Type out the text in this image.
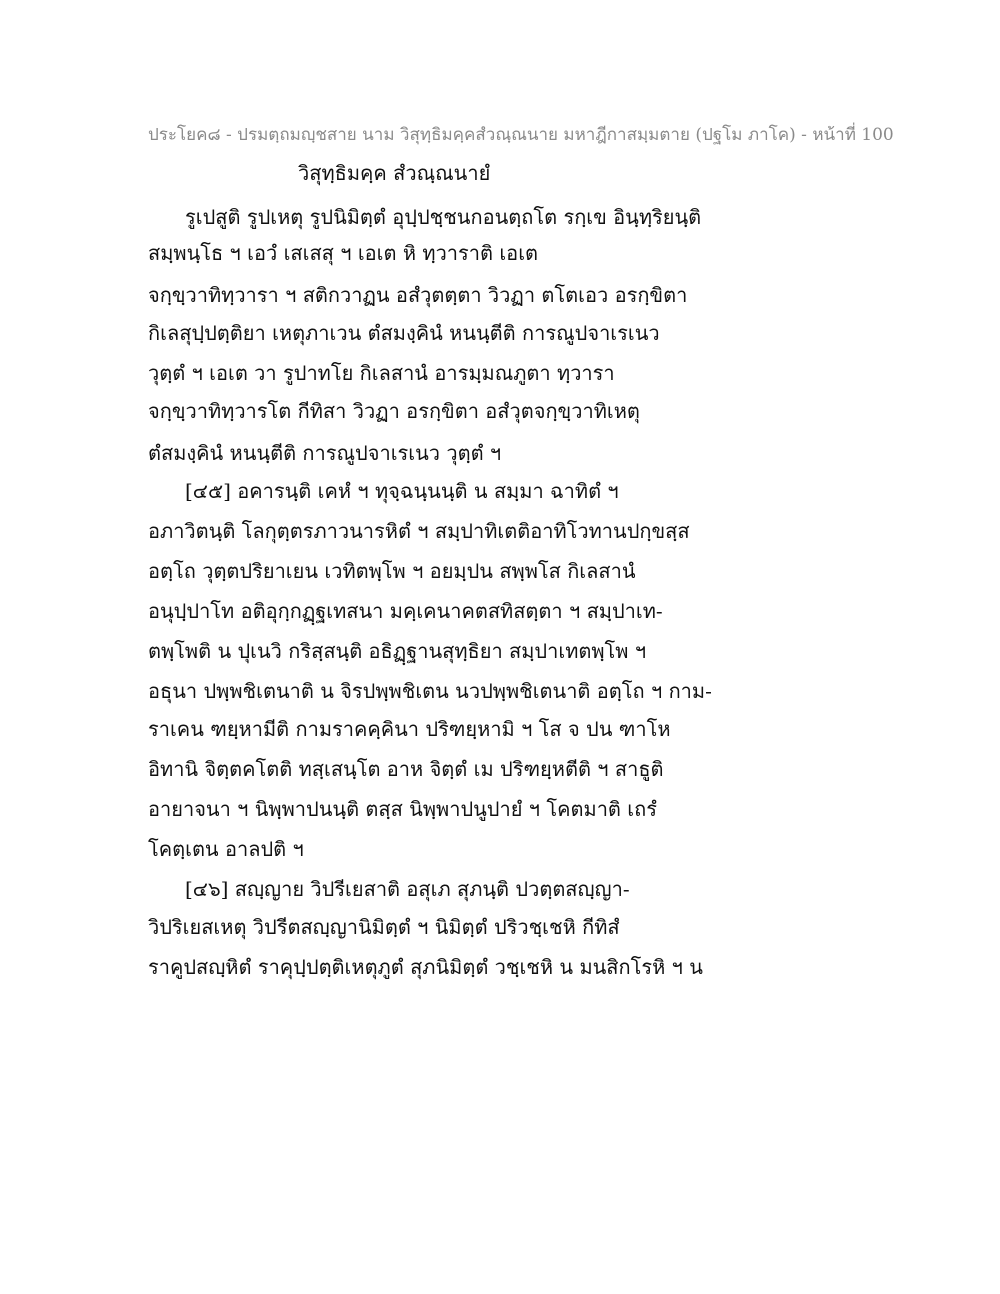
ประโยค๘ - ปรมตฺถมญฺชสาย นาม วิสุทฺธิมคฺคสํวณฺณนาย มหาฎีกาสมฺมตาย (ปฐโม ภาโค) - หน้าที่ 100
วิสุทฺธิมคฺค สํวณฺณนายํ
รูเปสูติ รูปเหตุ รูปนิมิตฺตํ อุปฺปชฺชนกอนตฺถโต รกฺเข อินฺทฺริยนฺติ
สมฺพนฺโธ ฯ เอวํ เสเสสุ ฯ เอเต หิ ทฺวาราติ เอเต
จกฺขฺวาทิทฺวารา ฯ สติกวาฏน อสํวุตตฺตา วิวฏา ตโตเอว อรกฺขิตา
กิเลสุปฺปตฺติยา เหตุภาเวน ตํสมงฺคินํ หนนฺตีติ การณูปจาเรเนว
วุตฺตํ ฯ เอเต วา รูปาทโย กิเลสานํ อารมฺมณภูตา ทฺวารา
จกฺขฺวาทิทฺวารโต กีทิสา วิวฏา อรกฺขิตา อสํวุตจกฺขฺวาทิเหตุ
ตํสมงฺคินํ หนนฺตีติ การณูปจาเรเนว วุตฺตํ ฯ
[๔๕] อคารนฺติ เคหํ ฯ ทุจฺฉนฺนนฺติ น สมฺมา ฉาทิตํ ฯ
อภาวิตนฺติ โลกุตฺตรภาวนารหิตํ ฯ สมฺปาทิเตติอาทิโวทานปกฺขสฺส
อตฺโถ วุตฺตปริยาเยน เวทิตพฺโพ ฯ อยมฺปน สพฺพโส กิเลสานํ
อนุปฺปาโท อติอุกฺกฏฺฐเทสนา มคฺเคนาคตสทิสตฺตา ฯ สมฺปาเท-
ตพฺโพติ น ปุเนวิ กริสฺสนฺติ อธิฏฺฐานสุทฺธิยา สมฺปาเทตพฺโพ ฯ
อธุนา ปพฺพชิเตนาติ น จิรปพฺพชิเตน นวปพฺพชิเตนาติ อตฺโถ ฯ กาม-
ราเคน ฑยฺหามีติ กามราคคฺคินา ปริฑยฺหามิ ฯ โส จ ปน ฑาโห
อิทานิ จิตฺตคโตติ ทสฺเสนฺโต อาห จิตฺตํ เม ปริฑยฺหตีติ ฯ สาธูติ
อายาจนา ฯ นิพฺพาปนนฺติ ตสฺส นิพฺพาปนูปายํ ฯ โคตมาติ เถรํ
โคตฺเตน อาลปติ ฯ
[๔๖] สญฺญาย วิปรีเยสาติ อสุเภ สุภนฺติ ปวตฺตสญฺญา-
วิปริเยสเหตุ วิปรีตสญฺญานิมิตฺตํ ฯ นิมิตฺตํ ปริวชฺเชหิ กีทิสํ
ราคูปสญฺหิตํ ราคุปฺปตฺติเหตุภูตํ สุภนิมิตฺตํ วชฺเชหิ น มนสิกโรหิ ฯ น
